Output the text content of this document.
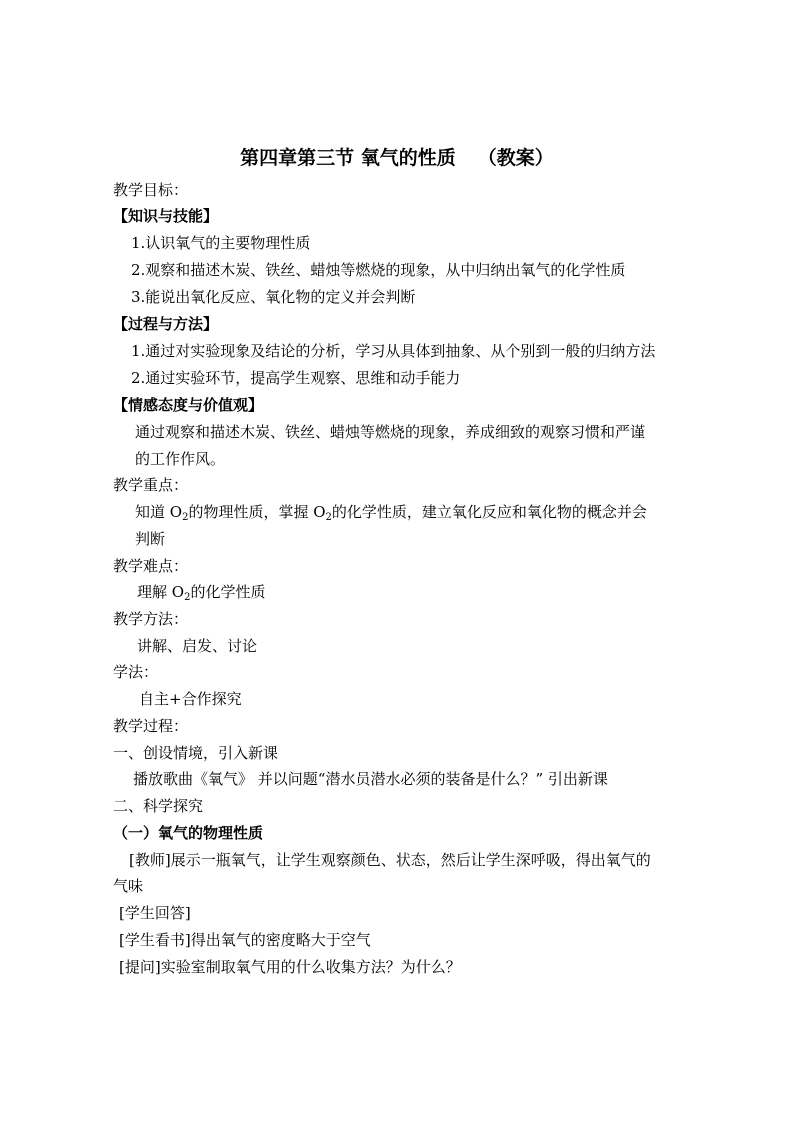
第四章第三节 氧气的性质 （教案）
教学目标：
【知识与技能】
1.认识氧气的主要物理性质
2.观察和描述木炭、铁丝、蜡烛等燃烧的现象，从中归纳出氧气的化学性质
3.能说出氧化反应、氧化物的定义并会判断
【过程与方法】
1.通过对实验现象及结论的分析，学习从具体到抽象、从个别到一般的归纳方法
2.通过实验环节，提高学生观察、思维和动手能力
【情感态度与价值观】
通过观察和描述木炭、铁丝、蜡烛等燃烧的现象，养成细致的观察习惯和严谨
的工作作风。
教学重点：
知道 $O_2$的物理性质，掌握 $O_2$的化学性质，建立氧化反应和氧化物的概念并会
判断
教学难点：
理解 $O_2$的化学性质
教学方法：
讲解、启发、讨论
学法：
自主+合作探究
教学过程：
一、创设情境，引入新课
播放歌曲《氧气》 并以问题“潜水员潜水必须的装备是什么？” 引出新课
二、科学探究
（一）氧气的物理性质
[教师]展示一瓶氧气，让学生观察颜色、状态，然后让学生深呼吸，得出氧气的
气味
[学生回答]
[学生看书]得出氧气的密度略大于空气
[提问]实验室制取氧气用的什么收集方法？为什么？
